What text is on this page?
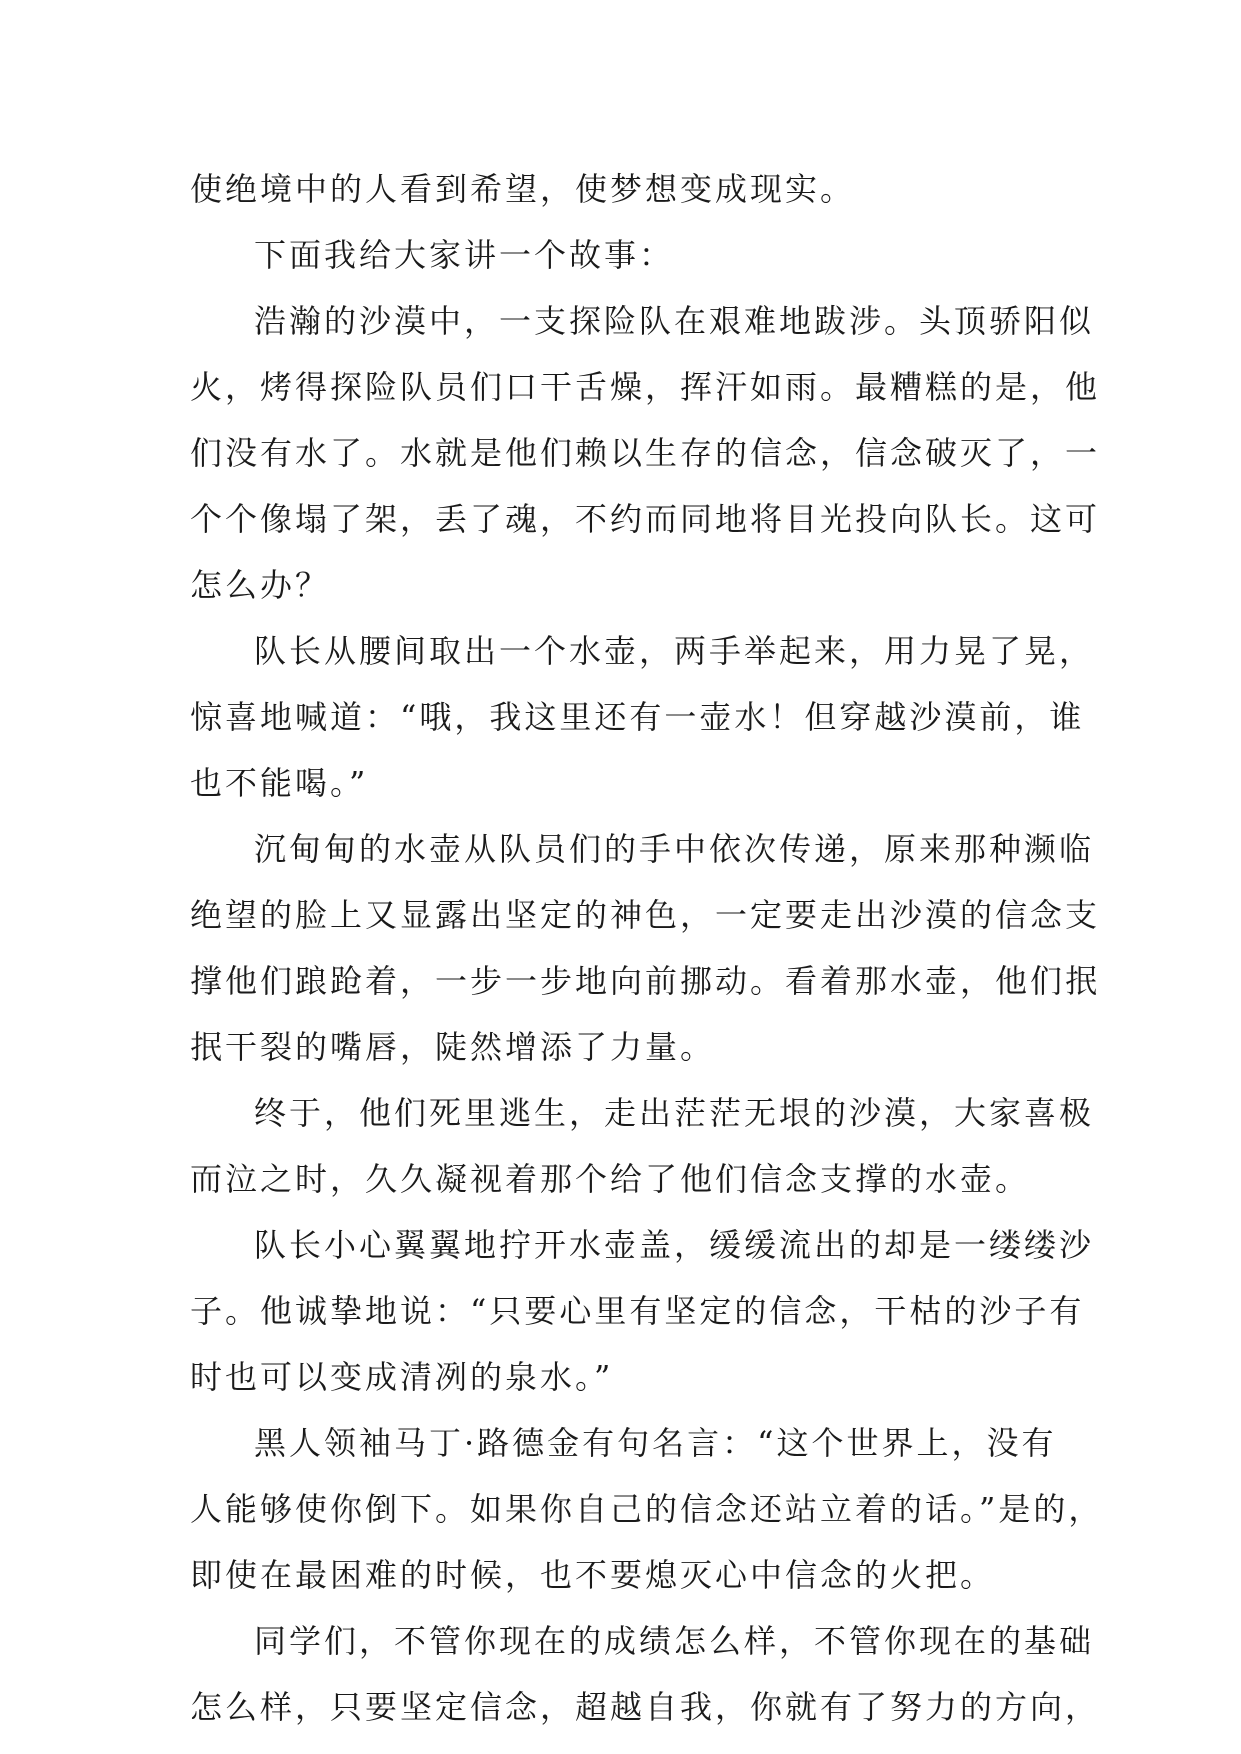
使绝境中的人看到希望，使梦想变成现实。

下面我给大家讲一个故事：

浩瀚的沙漠中，一支探险队在艰难地跋涉。头顶骄阳似

火，烤得探险队员们口干舌燥，挥汗如雨。最糟糕的是，他

们没有水了。水就是他们赖以生存的信念，信念破灭了，一

个个像塌了架，丢了魂，不约而同地将目光投向队长。这可

怎么办？

队长从腰间取出一个水壶，两手举起来，用力晃了晃，

惊喜地喊道：“哦，我这里还有一壶水！但穿越沙漠前，谁

也不能喝。”

沉甸甸的水壶从队员们的手中依次传递，原来那种濒临

绝望的脸上又显露出坚定的神色，一定要走出沙漠的信念支

撑他们踉跄着，一步一步地向前挪动。看着那水壶，他们抿

抿干裂的嘴唇，陡然增添了力量。

终于，他们死里逃生，走出茫茫无垠的沙漠，大家喜极

而泣之时，久久凝视着那个给了他们信念支撑的水壶。

队长小心翼翼地拧开水壶盖，缓缓流出的却是一缕缕沙

子。他诚挚地说：“只要心里有坚定的信念，干枯的沙子有

时也可以变成清冽的泉水。”

黑人领袖马丁·路德金有句名言：“这个世界上，没有

人能够使你倒下。如果你自己的信念还站立着的话。”是的，

即使在最困难的时候，也不要熄灭心中信念的火把。

同学们，不管你现在的成绩怎么样，不管你现在的基础

怎么样，只要坚定信念，超越自我，你就有了努力的方向，
